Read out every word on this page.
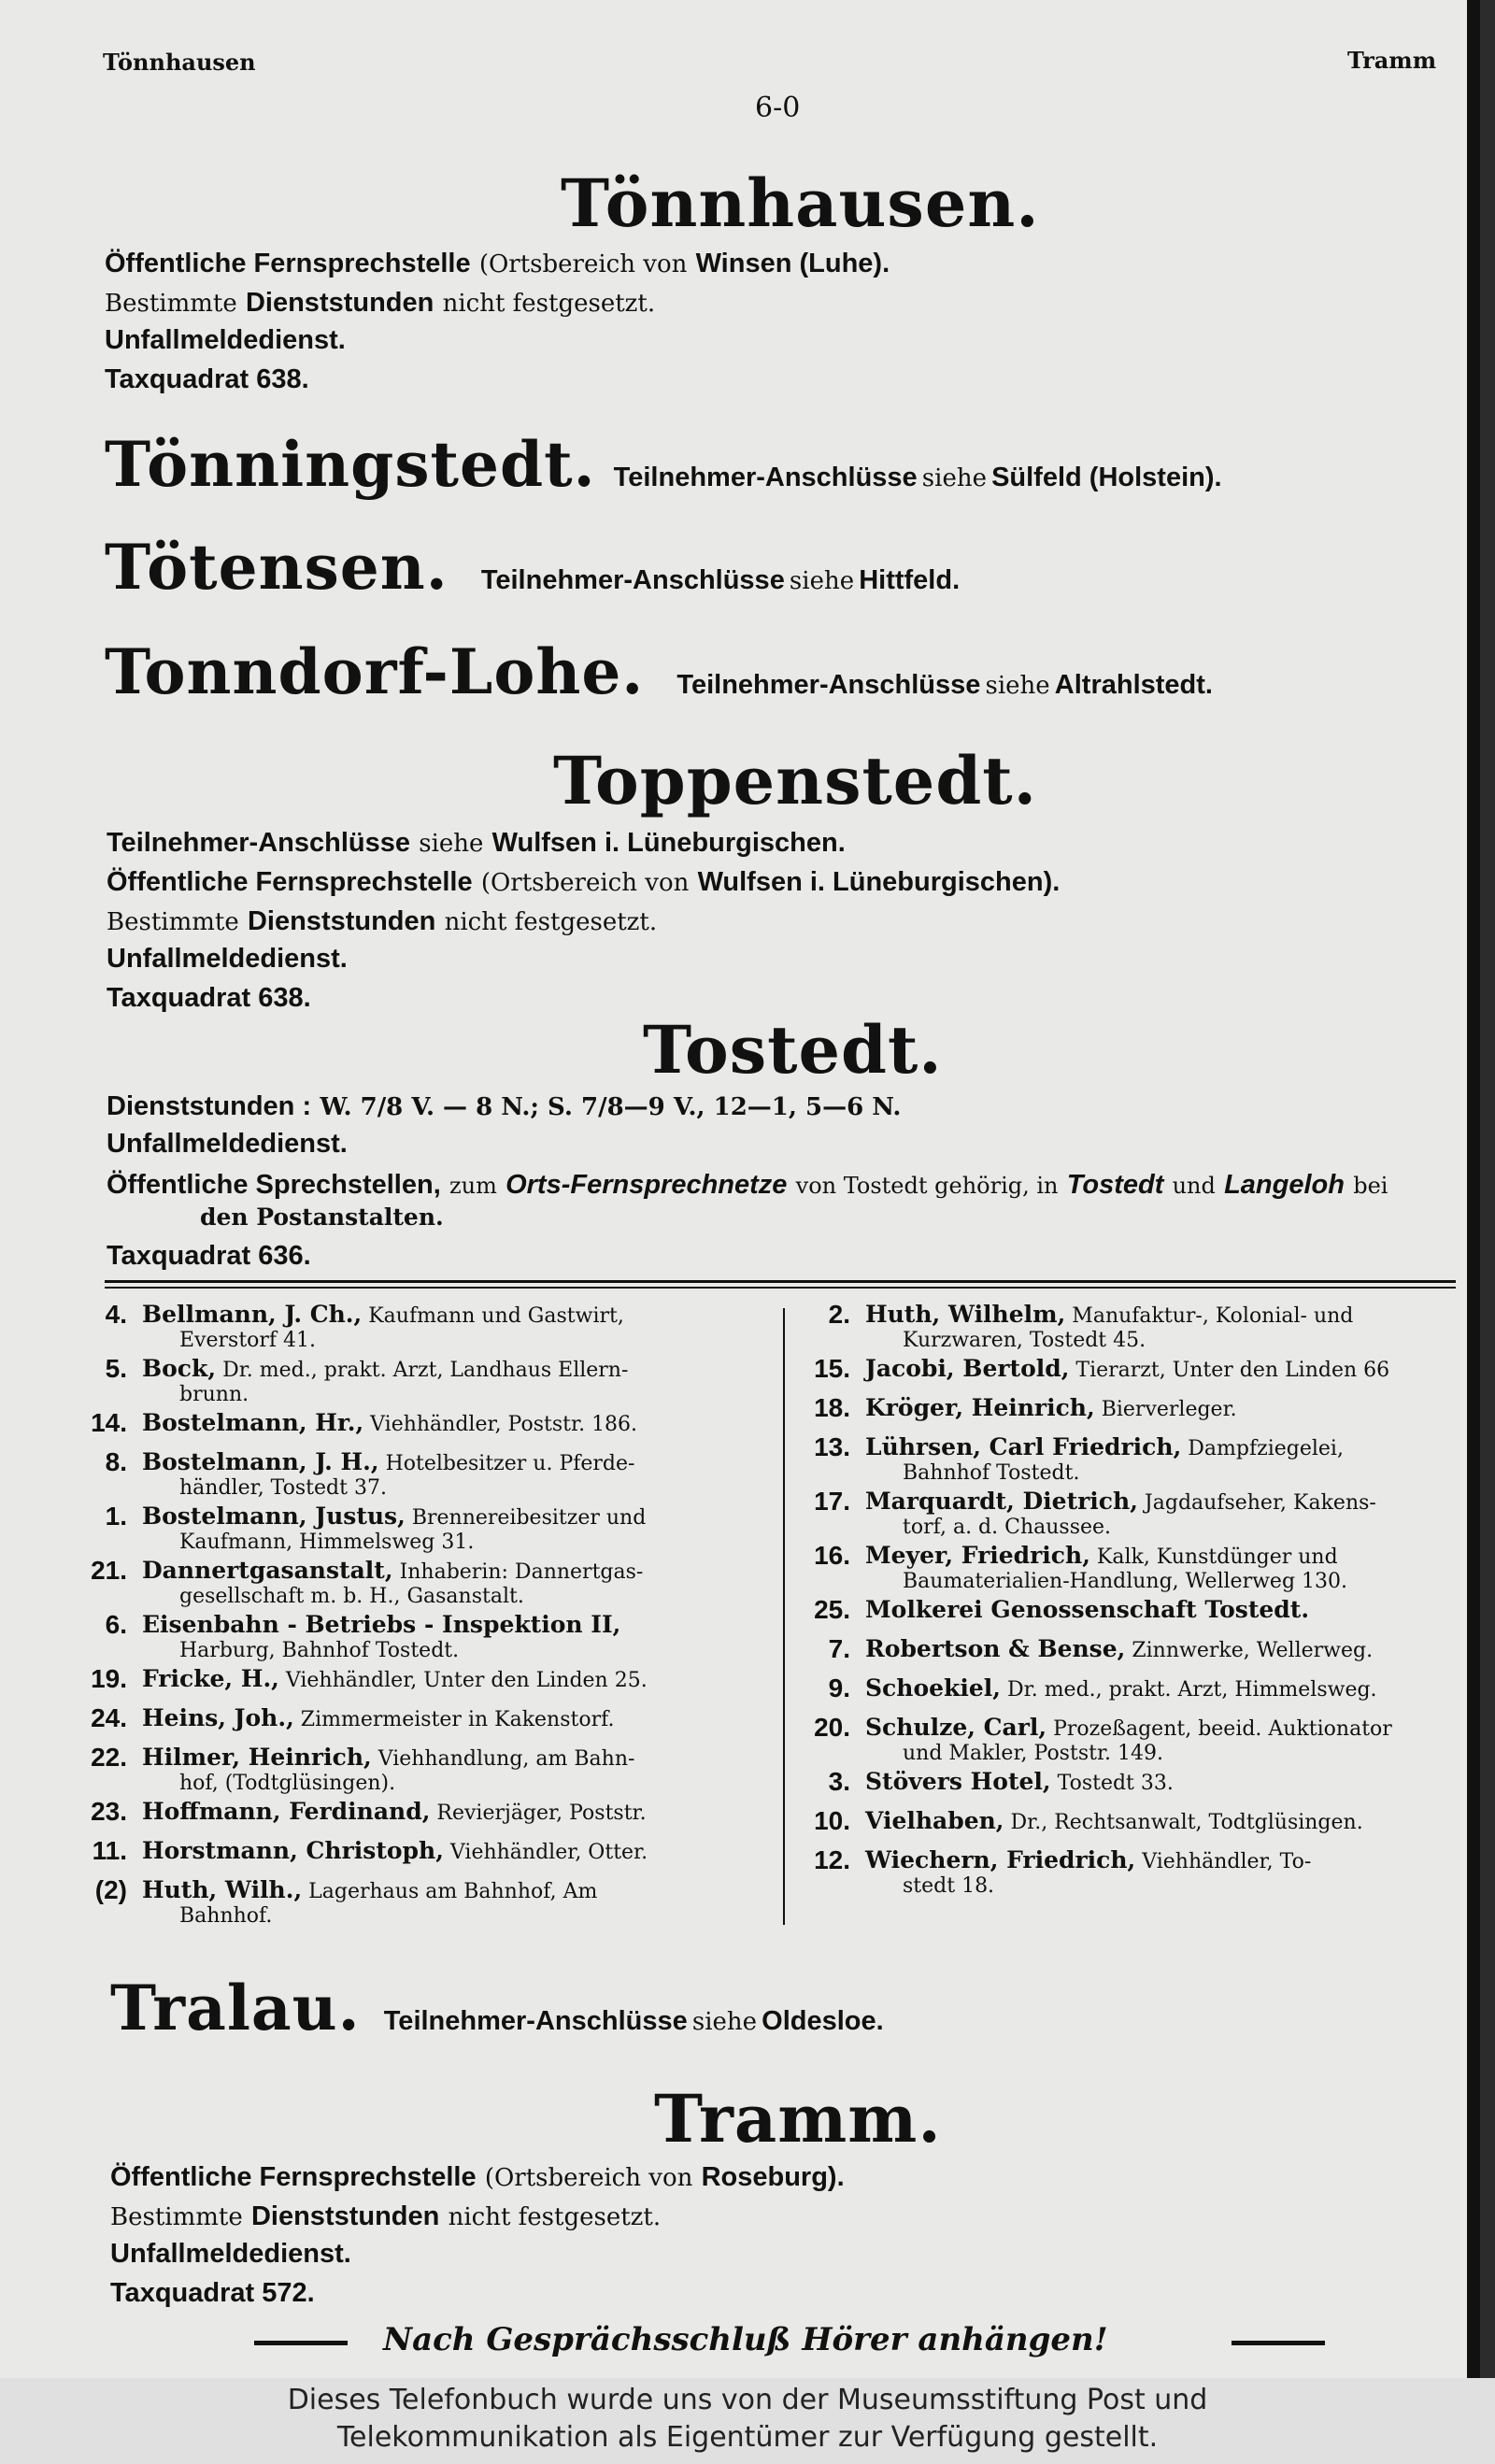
Tönnhausen	Tramm
6-0
Tönnhausen.
Öffentliche Fernsprechstelle (Ortsbereich von Winsen (Luhe).
Bestimmte Dienststunden nicht festgesetzt.
Unfallmeldedienst.
Taxquadrat 638.
Tönningstedt. Teilnehmer-Anschlüsse siehe Sülfeld (Holstein).
Tötensen. Teilnehmer-Anschlüsse siehe Hittfeld.
Tonndorf-Lohe. Teilnehmer-Anschlüsse siehe Altrahlstedt.
Toppenstedt.
Teilnehmer-Anschlüsse siehe Wulfsen i. Lüneburgischen.
Öffentliche Fernsprechstelle (Ortsbereich von Wulfsen i. Lüneburgischen).
Bestimmte Dienststunden nicht festgesetzt.
Unfallmeldedienst.
Taxquadrat 638.
Tostedt.
Dienststunden : W. 7/8 V. — 8 N.; S. 7/8—9 V., 12—1, 5—6 N.
Unfallmeldedienst.
Öffentliche Sprechstellen, zum Orts-Fernsprechnetze von Tostedt gehörig, in Tostedt und Langeloh bei
den Postanstalten.
Taxquadrat 636.
4. Bellmann, J. Ch., Kaufmann und Gastwirt,
Everstorf 41.
5. Bock, Dr. med., prakt. Arzt, Landhaus Ellern-
brunn.
14. Bostelmann, Hr., Viehhändler, Poststr. 186.
8. Bostelmann, J. H., Hotelbesitzer u. Pferde-
händler, Tostedt 37.
1. Bostelmann, Justus, Brennereibesitzer und
Kaufmann, Himmelsweg 31.
21. Dannertgasanstalt, Inhaberin: Dannertgas-
gesellschaft m. b. H., Gasanstalt.
6. Eisenbahn - Betriebs - Inspektion II,
Harburg, Bahnhof Tostedt.
19. Fricke, H., Viehhändler, Unter den Linden 25.
24. Heins, Joh., Zimmermeister in Kakenstorf.
22. Hilmer, Heinrich, Viehhandlung, am Bahn-
hof, (Todtglüsingen).
23. Hoffmann, Ferdinand, Revierjäger, Poststr.
11. Horstmann, Christoph, Viehhändler, Otter.
(2) Huth, Wilh., Lagerhaus am Bahnhof, Am
Bahnhof.
2. Huth, Wilhelm, Manufaktur-, Kolonial- und
Kurzwaren, Tostedt 45.
15. Jacobi, Bertold, Tierarzt, Unter den Linden 66
18. Kröger, Heinrich, Bierverleger.
13. Lührsen, Carl Friedrich, Dampfziegelei,
Bahnhof Tostedt.
17. Marquardt, Dietrich, Jagdaufseher, Kakens-
torf, a. d. Chaussee.
16. Meyer, Friedrich, Kalk, Kunstdünger und
Baumaterialien-Handlung, Wellerweg 130.
25. Molkerei Genossenschaft Tostedt.
7. Robertson & Bense, Zinnwerke, Wellerweg.
9. Schoekiel, Dr. med., prakt. Arzt, Himmelsweg.
20. Schulze, Carl, Prozeßagent, beeid. Auktionator
und Makler, Poststr. 149.
3. Stövers Hotel, Tostedt 33.
10. Vielhaben, Dr., Rechtsanwalt, Todtglüsingen.
12. Wiechern, Friedrich, Viehhändler, To-
stedt 18.
Tralau. Teilnehmer-Anschlüsse siehe Oldesloe.
Tramm.
Öffentliche Fernsprechstelle (Ortsbereich von Roseburg).
Bestimmte Dienststunden nicht festgesetzt.
Unfallmeldedienst.
Taxquadrat 572.
Nach Gesprächsschluß Hörer anhängen!
Dieses Telefonbuch wurde uns von der Museumsstiftung Post und
Telekommunikation als Eigentümer zur Verfügung gestellt.
